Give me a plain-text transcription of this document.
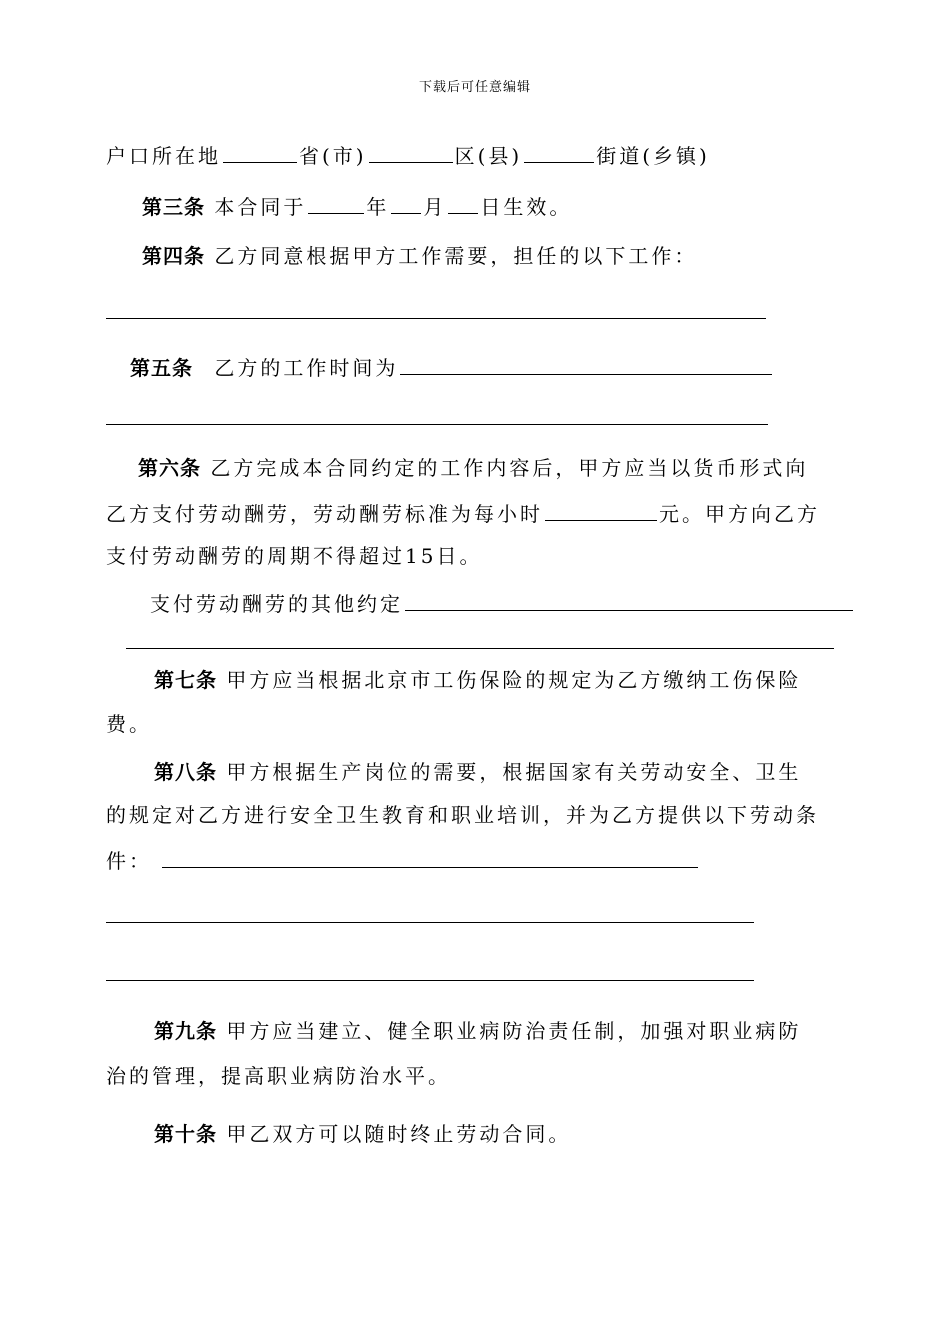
下载后可任意编辑
户口所在地	省(市)	区(县)	街道(乡镇)
第三条 本合同于	年 月 日生效。
第四条 乙方同意根据甲方工作需要，担任的以下工作：
第五条 乙方的工作时间为
第六条 乙方完成本合同约定的工作内容后，甲方应当以货币形式向
乙方支付劳动酬劳，劳动酬劳标准为每小时	元。甲方向乙方
支付劳动酬劳的周期不得超过15日。
支付劳动酬劳的其他约定
第七条 甲方应当根据北京市工伤保险的规定为乙方缴纳工伤保险
费。
第八条 甲方根据生产岗位的需要，根据国家有关劳动安全、卫生
的规定对乙方进行安全卫生教育和职业培训，并为乙方提供以下劳动条
件：
第九条 甲方应当建立、健全职业病防治责任制，加强对职业病防
治的管理，提高职业病防治水平。
第十条 甲乙双方可以随时终止劳动合同。
